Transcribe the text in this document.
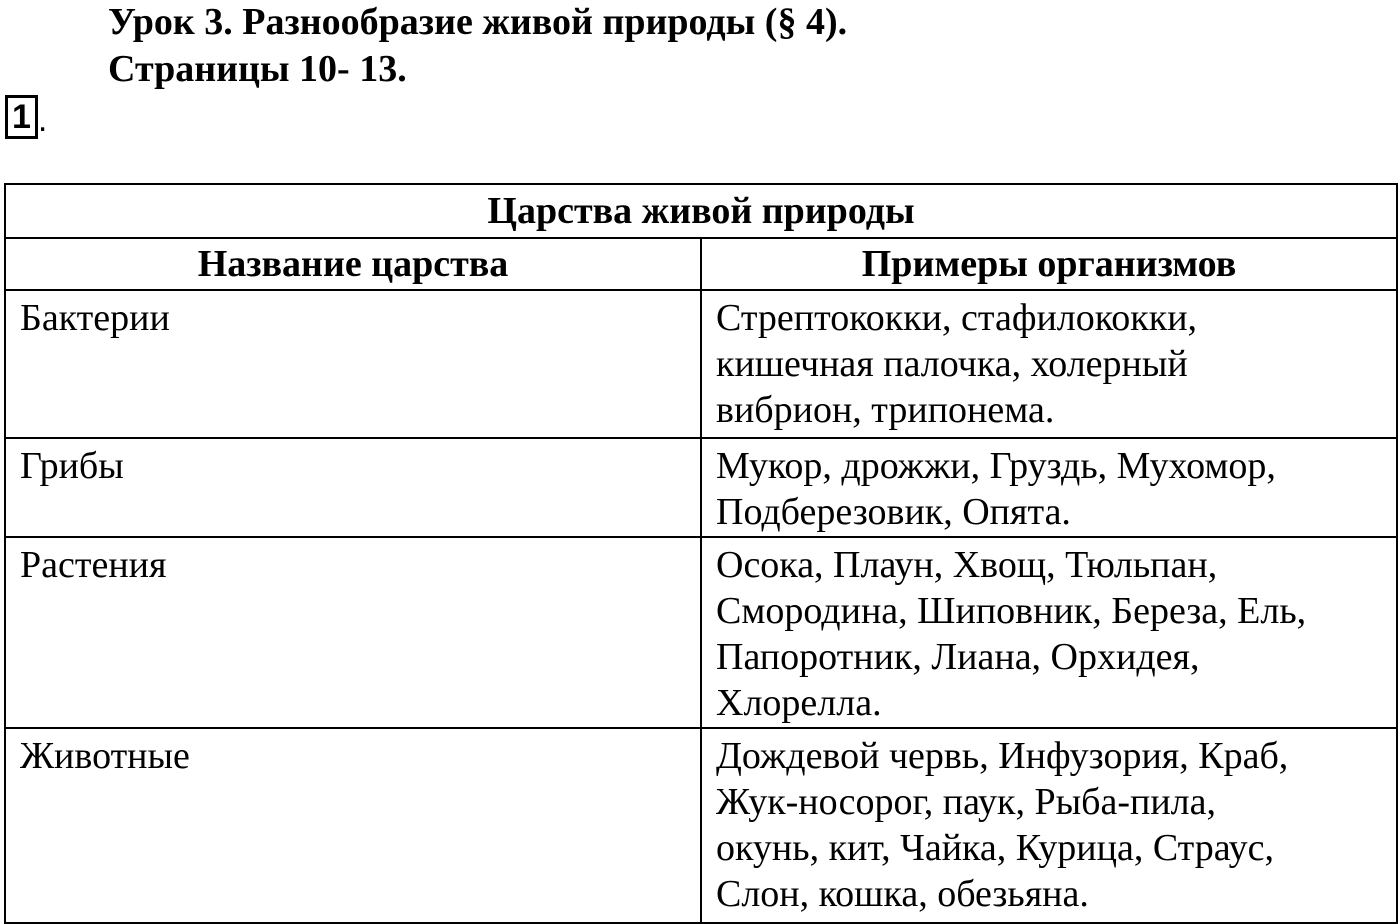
Урок 3. Разнообразие живой природы (§ 4).
Страницы 10- 13.
1 .
Царства живой природы	
Название царства	Примеры организмов
Бактерии	Стрептококки, стафилококки,
кишечная палочка, холерный
вибрион, трипонема.

Грибы	Мукор, дрожжи, Груздь, Мухомор,
Подберезовик, Опята.

Растения	Осока, Плаун, Хвощ, Тюльпан,
Смородина, Шиповник, Береза, Ель,
Папоротник, Лиана, Орхидея,
Хлорелла.

Животные	Дождевой червь, Инфузория, Краб,
Жук-носорог, паук, Рыба-пила,
окунь, кит, Чайка, Курица, Страус,
Слон, кошка, обезьяна.
